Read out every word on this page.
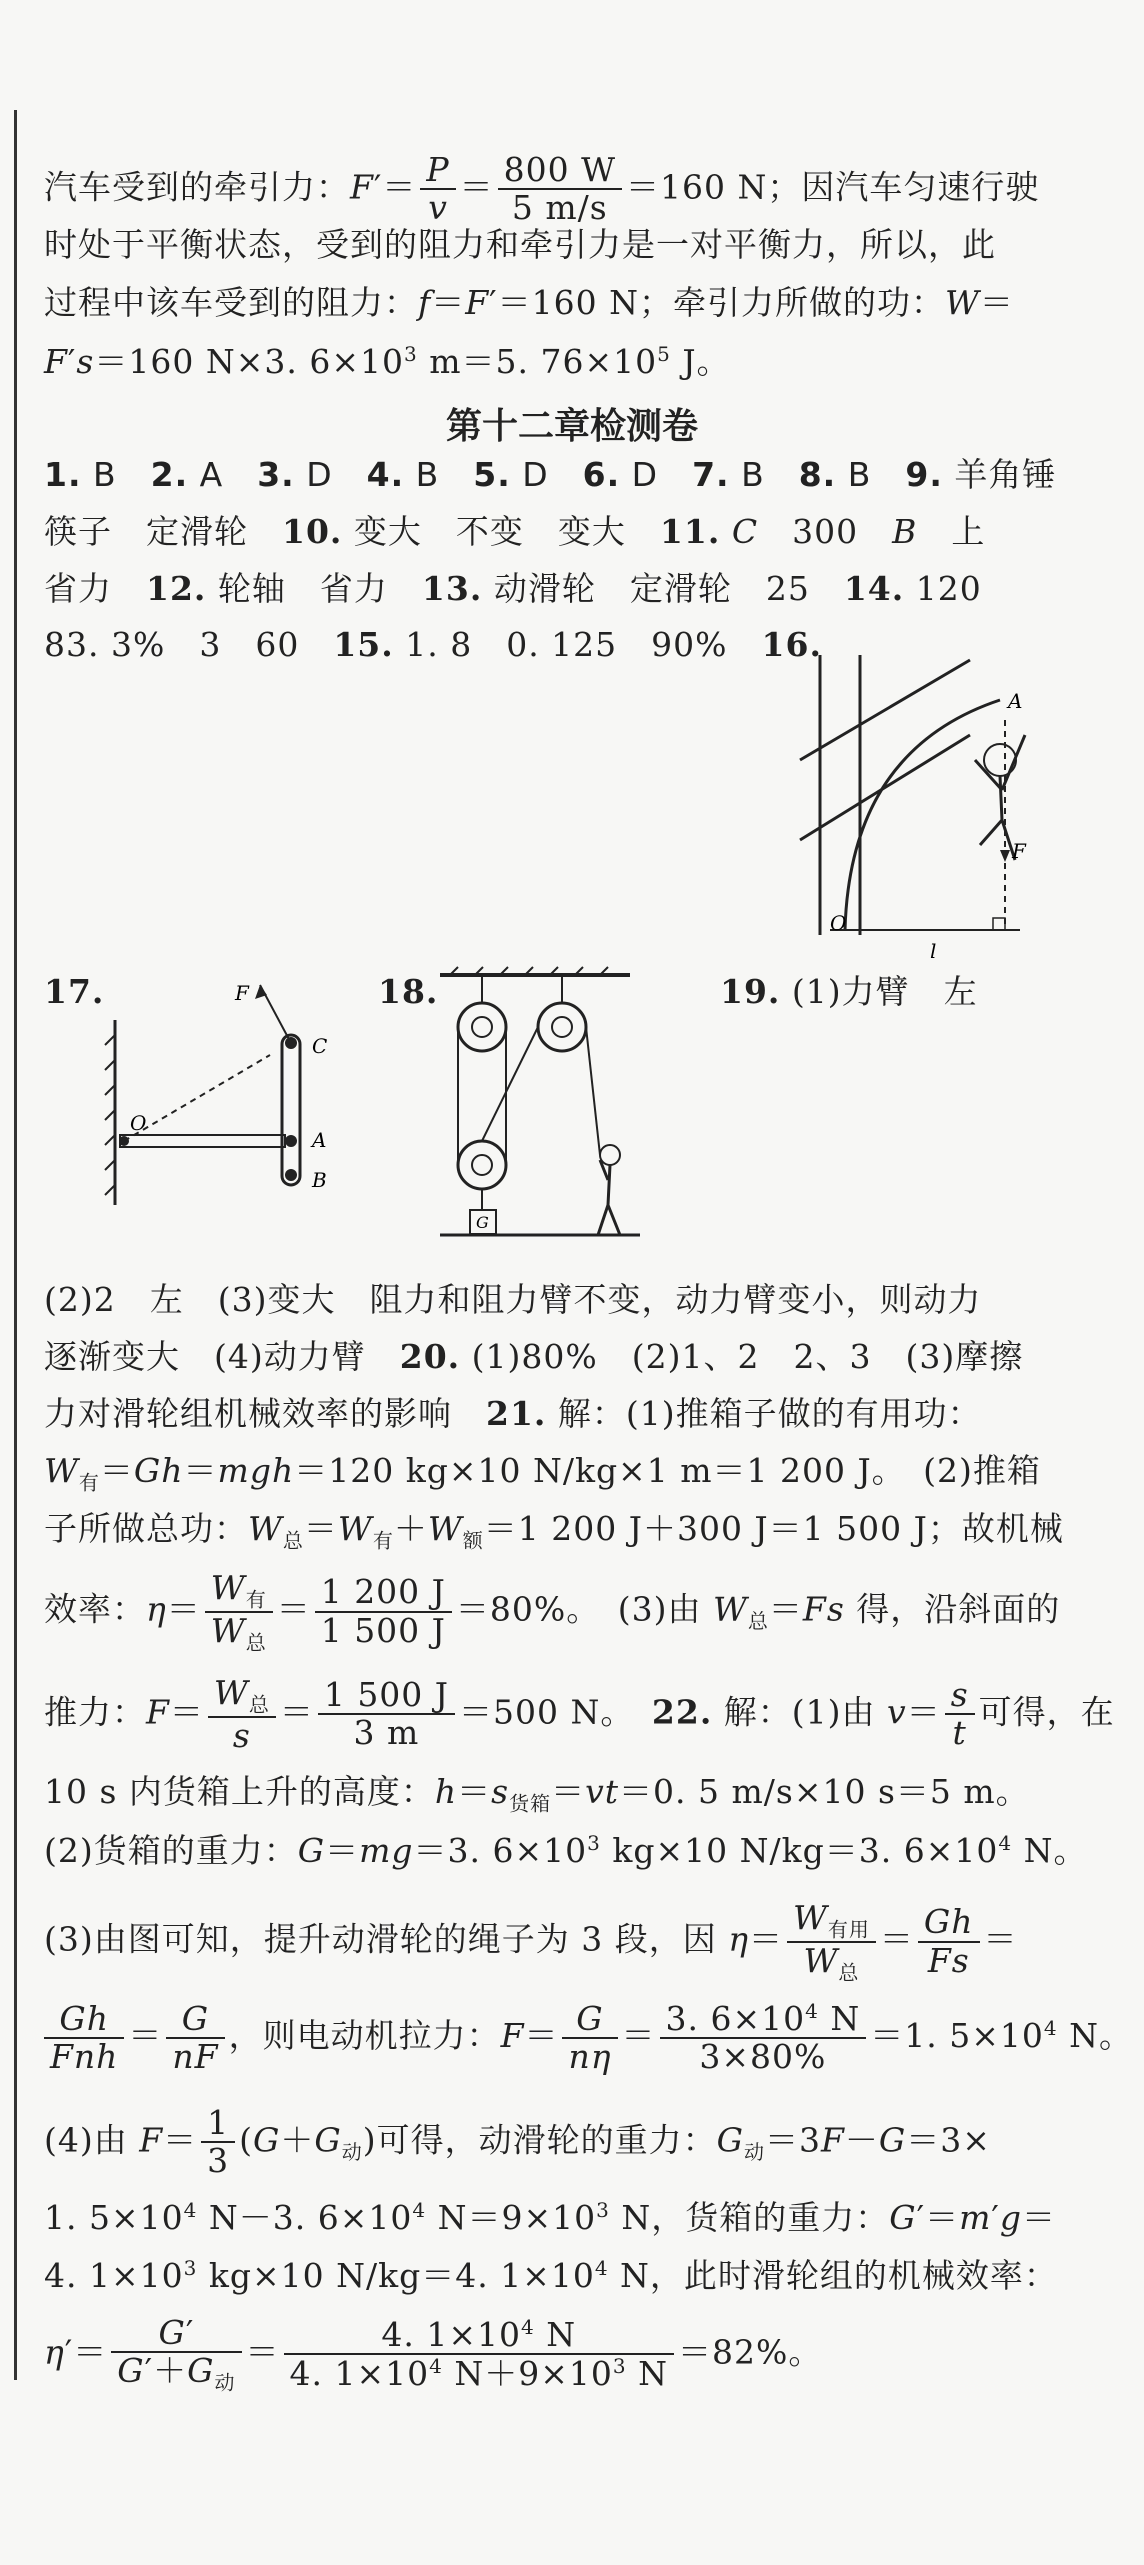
汽车受到的牵引力：$F'= \frac{P}{v} = \frac{800 W}{5 m/s} =160$ N；因汽车匀速行驶
时处于平衡状态，受到的阻力和牵引力是一对平衡力，所以，此
过程中该车受到的阻力：f＝F′＝160 N；牵引力所做的功：W＝
F′s＝160 N×3. $6\times 10^3$ m＝5. $76\times 10^5$ J。
第十二章检测卷
1. B　2. A　3. D　4. B　5. D　6. D　7. B　8. B　9. 羊角锤
筷子　定滑轮　10. 变大　不变　变大　11. C　300　B　上
省力　12. 轮轴　省力　13. 动滑轮　定滑轮　25　14. 120
83. 3%　3　60　15. 1. 8　0. 125　90%　16.
A
F
O
l
17.	F
C
O
A
B
18.
G
19. (1)力臂　左
(2)2　左　(3)变大　阻力和阻力臂不变，动力臂变小，则动力
逐渐变大　(4)动力臂　20. (1)80%　(2)1、2　2、3　(3)摩擦
力对滑轮组机械效率的影响　21. 解：(1)推箱子做的有用功：
$W_有=Gh=mgh=120$ kg×10 N/kg×1 m＝1 200 J。　(2)推箱
子所做总功：$W_总=W_有+W_额=1$ 200 J＋300 J＝1 500 J；故机械
效率：$\eta= \frac{W_有}{W_总} = \frac{1 200 J}{1 500 J} =80\%$。　(3)由 $W_总=Fs$ 得，沿斜面的
推力：$F= \frac{W_总}{s} = \frac{1 500 J}{3 m} =500$ N。　22. 解：(1)由 $v= \frac{s}{t}$ 可得，在
10 s 内货箱上升的高度：$h=s_{货箱}=vt=0$. 5 m/s×10 s＝5 m。
(2)货箱的重力：G＝mg＝3. $6\times 10^3$ kg×10 N/kg＝3. $6\times 10^4$ N。
(3)由图可知，提升动滑轮的绳子为 3 段，因 $\eta= \frac{W_{有用}}{W_总} = \frac{Gh}{Fs}$ ＝
$\frac{Gh}{\text{Fnh}} = \frac{G}{nF}$ ，则电动机拉力：$F= \frac{G}{n\eta} = \frac{3. 6\times 10^4 N}{3\times 80\%} =1$. $5\times 10^4$ N。
(4)由 $F= \frac{1}{3} (G+G_动)$可得，动滑轮的重力：$G_动=3F-G=3\times$
1. $5\times 10^4$ N－3. $6\times 10^4$ $N=9\times 10^3$ N，货箱的重力：G′＝m′g＝
4. $1\times 10^3$ kg×10 N/kg＝4. $1\times 10^4$ N，此时滑轮组的机械效率：
$\eta'= \frac{G'}{G'+G_动} = \frac{4. 1\times 10^4 N}{4. 1\times 10^4 N+9\times 10^3 N} =82\%$。
